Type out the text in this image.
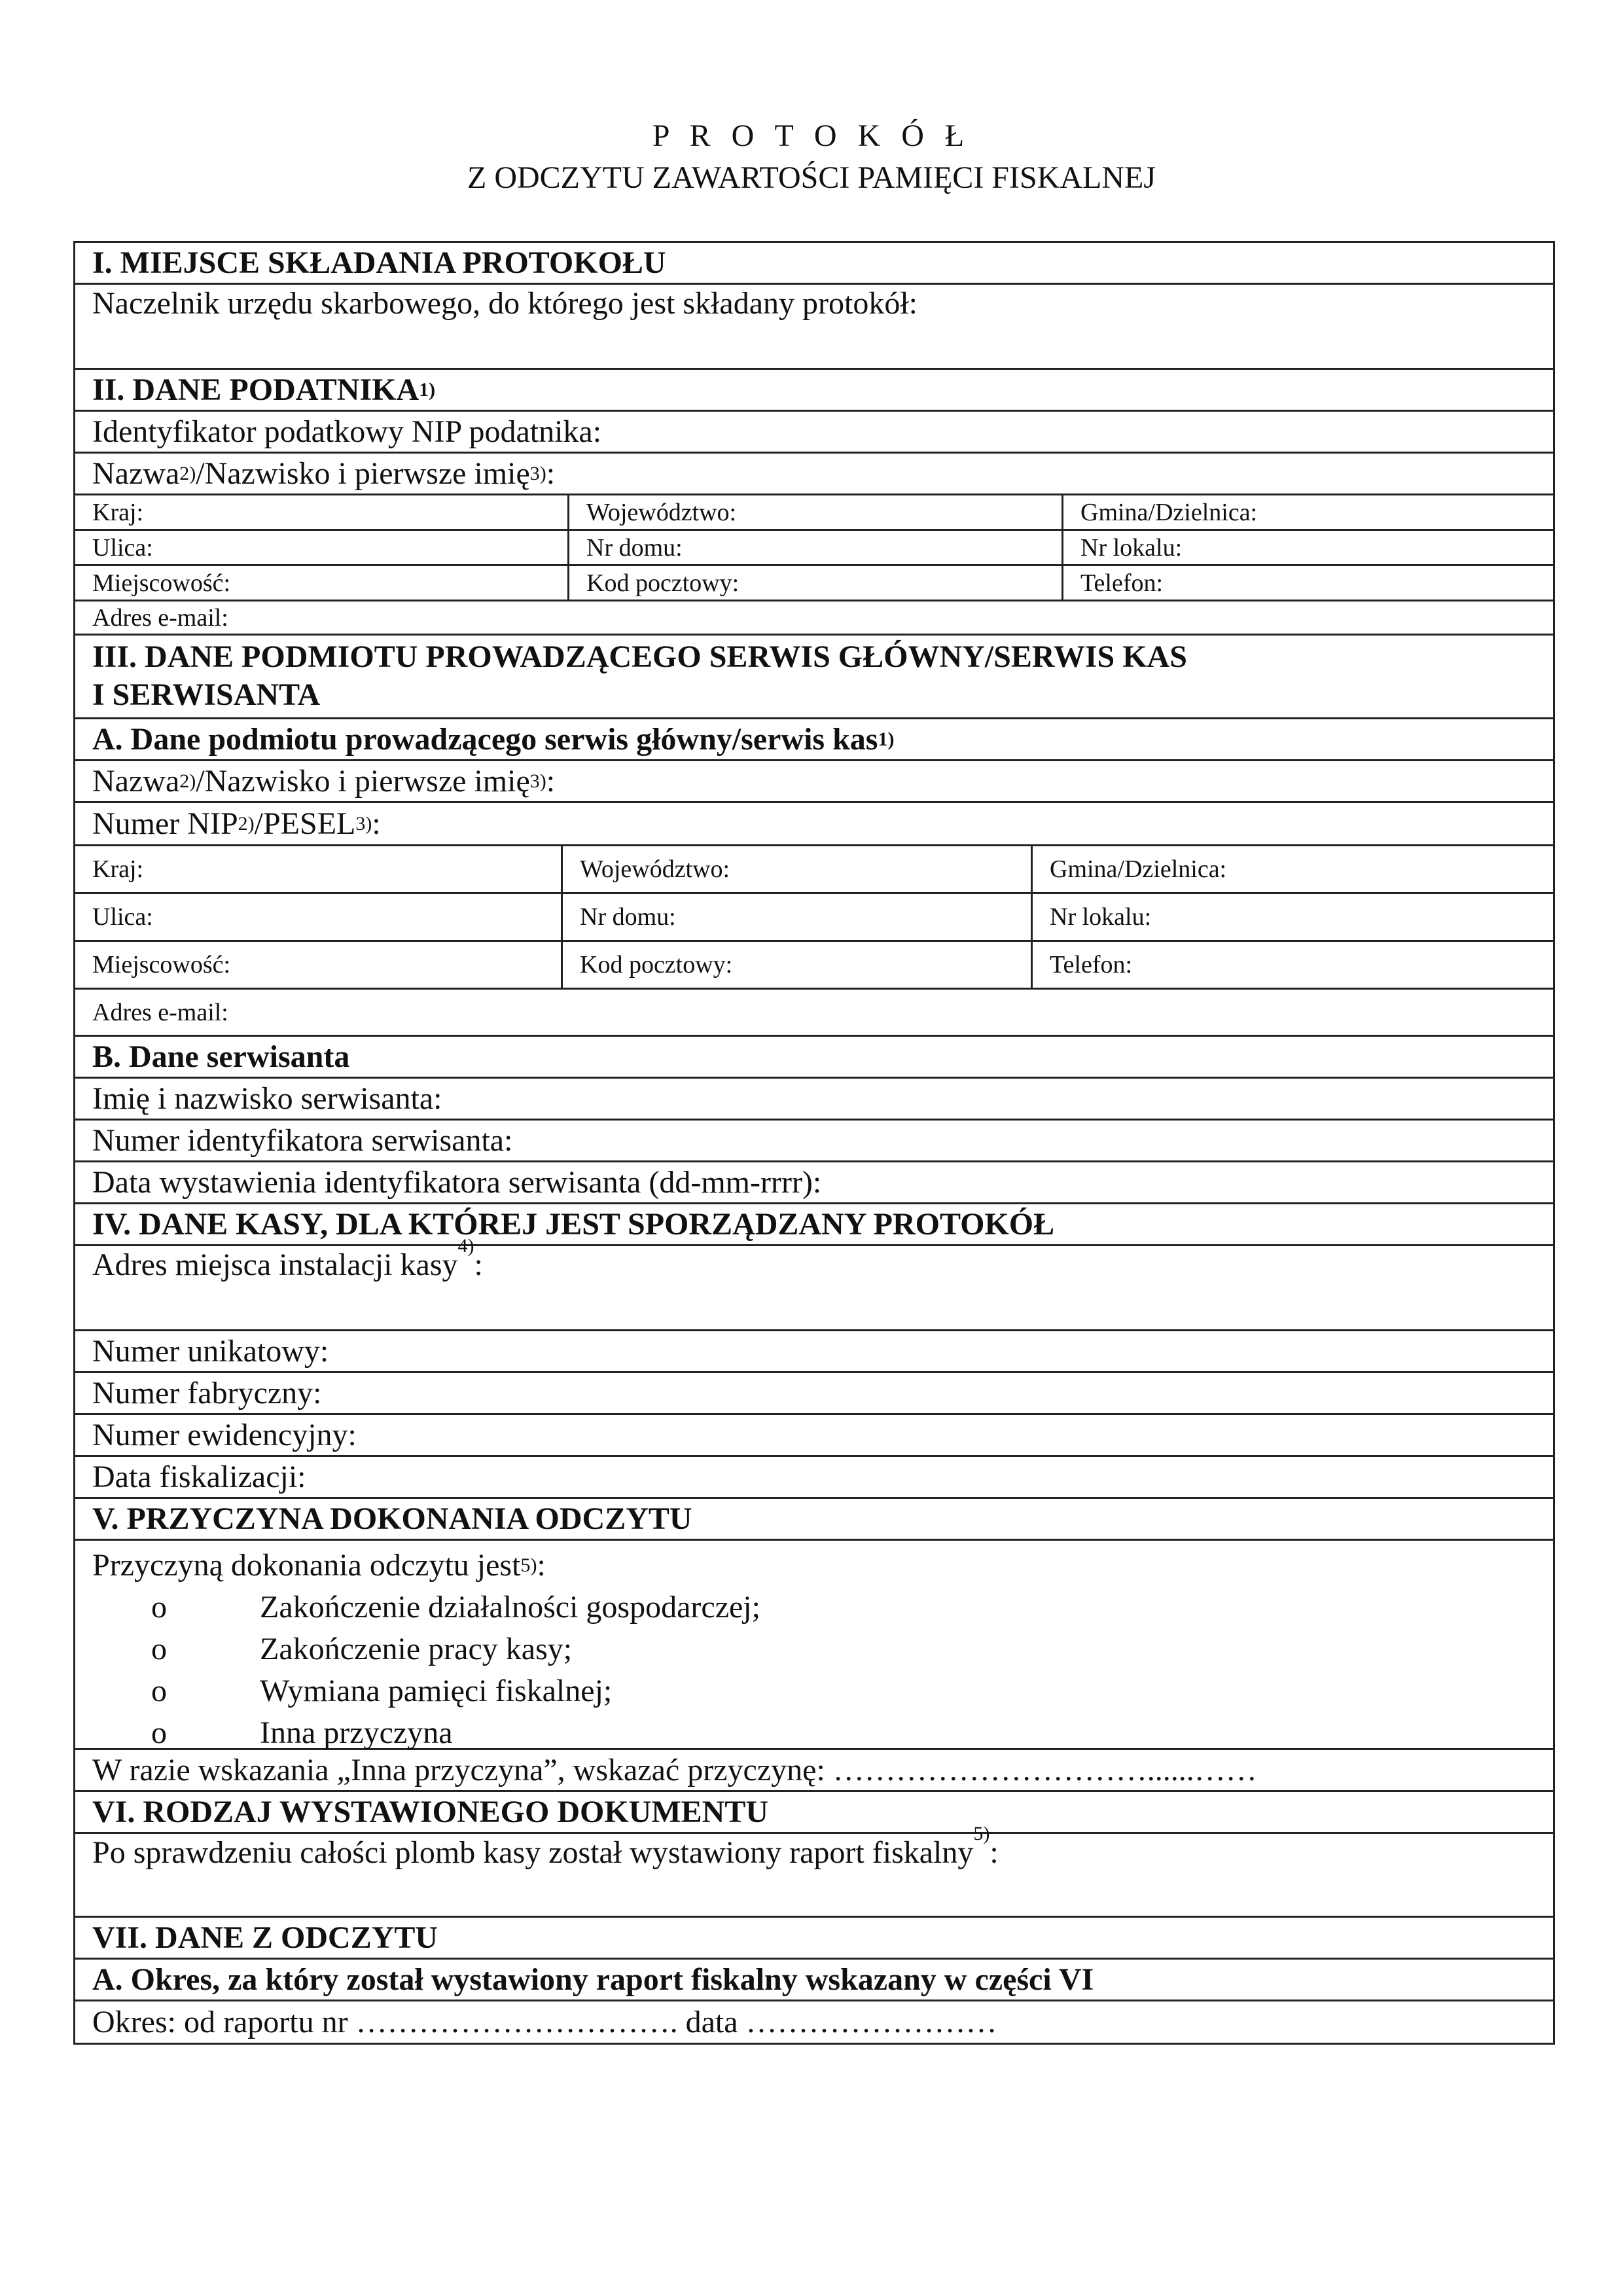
P R O T O K Ó Ł
Z ODCZYTU ZAWARTOŚCI PAMIĘCI FISKALNEJ
I. MIEJSCE SKŁADANIA PROTOKOŁU
Naczelnik urzędu skarbowego, do którego jest składany protokół:
II. DANE PODATNIKA 1)
Identyfikator podatkowy NIP podatnika:
Nazwa 2) /Nazwisko i pierwsze imię 3) :
Kraj:	Województwo:	Gmina/Dzielnica:
Ulica:	Nr domu:	Nr lokalu:
Miejscowość:	Kod pocztowy:	Telefon:
Adres e-mail:
III. DANE PODMIOTU PROWADZĄCEGO SERWIS GŁÓWNY/SERWIS KAS
I SERWISANTA
A. Dane podmiotu prowadzącego serwis główny/serwis kas 1)
Nazwa 2) /Nazwisko i pierwsze imię 3) :
Numer NIP 2) /PESEL 3) :
Kraj:	Województwo:	Gmina/Dzielnica:
Ulica:	Nr domu:	Nr lokalu:
Miejscowość:	Kod pocztowy:	Telefon:
Adres e-mail:
B. Dane serwisanta
Imię i nazwisko serwisanta:
Numer identyfikatora serwisanta:
Data wystawienia identyfikatora serwisanta (dd-mm-rrrr):
IV. DANE KASY, DLA KTÓREJ JEST SPORZĄDZANY PROTOKÓŁ
Adres miejsca instalacji kasy
4)
:
Numer unikatowy:
Numer fabryczny:
Numer ewidencyjny:
Data fiskalizacji:
V. PRZYCZYNA DOKONANIA ODCZYTU
Przyczyną dokonania odczytu jest 5) :
o	Zakończenie działalności gospodarczej;
o	Zakończenie pracy kasy;
o	Wymiana pamięci fiskalnej;
o	Inna przyczyna
W razie wskazania „Inna przyczyna”, wskazać przyczynę: …………………………......……
VI. RODZAJ WYSTAWIONEGO DOKUMENTU
Po sprawdzeniu całości plomb kasy został wystawiony raport fiskalny
5)
:
VII. DANE Z ODCZYTU
A. Okres, za który został wystawiony raport fiskalny wskazany w części VI
Okres: od raportu nr …………………………. data ……………………
